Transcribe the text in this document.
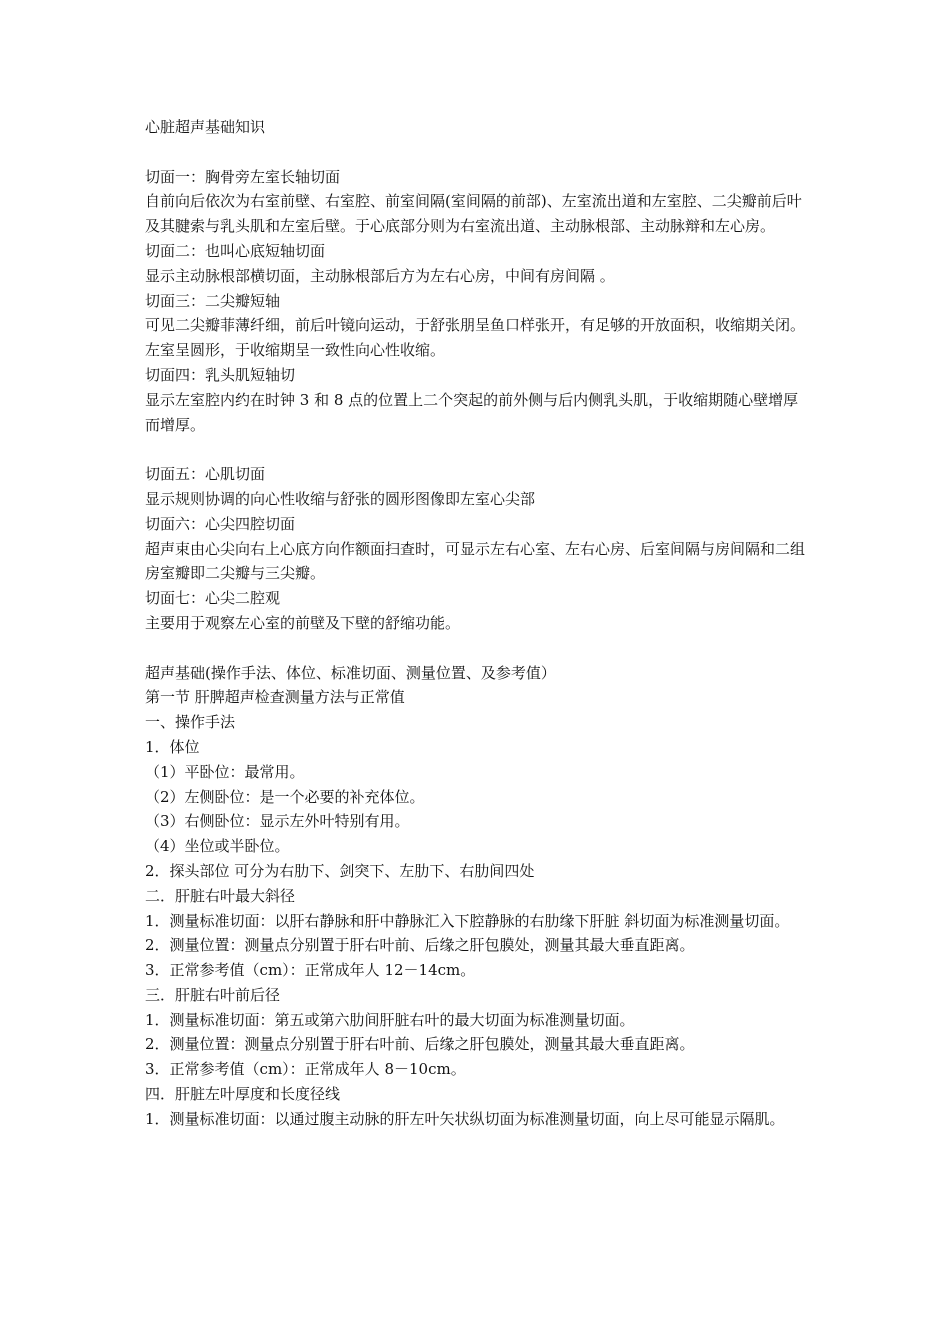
心脏超声基础知识

切面一：胸骨旁左室长轴切面

自前向后依次为右室前壁、右室腔、前室间隔(室间隔的前部)、左室流出道和左室腔、二尖瓣前后叶及其腱索与乳头肌和左室后壁。于心底部分则为右室流出道、主动脉根部、主动脉辩和左心房。

切面二：也叫心底短轴切面

显示主动脉根部横切面，主动脉根部后方为左右心房，中间有房间隔 。

切面三：二尖瓣短轴

可见二尖瓣菲薄纤细，前后叶镜向运动，于舒张朋呈鱼口样张开，有足够的开放面积，收缩期关闭。左室呈圆形，于收缩期呈一致性向心性收缩。

切面四：乳头肌短轴切

显示左室腔内约在时钟 3 和 8 点的位置上二个突起的前外侧与后内侧乳头肌，于收缩期随心壁增厚而增厚。

切面五：心肌切面

显示规则协调的向心性收缩与舒张的圆形图像即左室心尖部

切面六：心尖四腔切面

超声束由心尖向右上心底方向作额面扫查时，可显示左右心室、左右心房、后室间隔与房间隔和二组房室瓣即二尖瓣与三尖瓣。

切面七：心尖二腔观

主要用于观察左心室的前壁及下壁的舒缩功能。

超声基础(操作手法、体位、标准切面、测量位置、及参考值）

第一节 肝脾超声检查测量方法与正常值

一、操作手法

1．体位

（1）平卧位：最常用。

（2）左侧卧位：是一个必要的补充体位。

（3）右侧卧位：显示左外叶特别有用。

（4）坐位或半卧位。

2．探头部位 可分为右肋下、剑突下、左肋下、右肋间四处

二．肝脏右叶最大斜径

1．测量标准切面：以肝右静脉和肝中静脉汇入下腔静脉的右肋缘下肝脏 斜切面为标准测量切面。

2．测量位置：测量点分别置于肝右叶前、后缘之肝包膜处，测量其最大垂直距离。

3．正常参考值（cm）：正常成年人 12－14cm。

三．肝脏右叶前后径

1．测量标准切面：第五或第六肋间肝脏右叶的最大切面为标准测量切面。

2．测量位置：测量点分别置于肝右叶前、后缘之肝包膜处，测量其最大垂直距离。

3．正常参考值（cm）：正常成年人 8－10cm。

四．肝脏左叶厚度和长度径线

1．测量标准切面：以通过腹主动脉的肝左叶矢状纵切面为标准测量切面，向上尽可能显示隔肌。
